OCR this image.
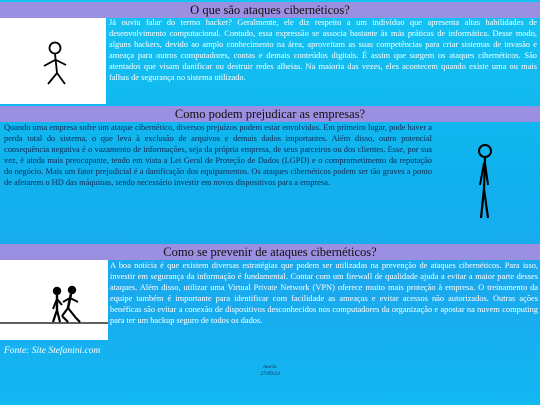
O que são ataques cibernéticos?

Já ouviu falar do termo hacker? Geralmente, ele diz respeito a um indivíduo que apresenta altas habilidades de desenvolvimento computacional. Contudo, essa expressão se associa bastante às más práticas de informática. Desse modo, alguns hackers, devido ao amplo conhecimento na área, aproveitam as suas competências para criar sistemas de invasão e ameaça para outros computadores, contas e demais conteúdos digitais. É assim que surgem os ataques cibernéticos. São atentados que visam danificar ou destruir redes alheias. Na maioria das vezes, eles acontecem quando existe uma ou mais falhas de segurança no sistema utilizado.

Como podem prejudicar as empresas?

Quando uma empresa sofre um ataque cibernético, diversos prejuízos podem estar envolvidos. Em primeiro lugar, pode haver a perda total do sistema, o que leva à exclusão de arquivos e demais dados importantes. Além disso, outro potencial consequência negativa é o vazamento de informações, seja da própria empresa, de seus parceiros ou dos clientes. Esse, por sua vez, é ainda mais preocupante, tendo em vista a Lei Geral de Proteção de Dados (LGPD) e o comprometimento da reputação do negócio. Mais um fator prejudicial é a danificação dos equipamentos. Os ataques cibernéticos podem ser tão graves a ponto de afetarem o HD das máquinas, sendo necessário investir em novos dispositivos para a empresa.

Como se prevenir de ataques cibernéticos?

A boa notícia é que existem diversas estratégias que podem ser utilizadas na prevenção de ataques cibernéticos. Para isso, investir em segurança da informação é fundamental. Contar com um firewall de qualidade ajuda a evitar a maior parte desses ataques. Além disso, utilizar uma Virtual Private Network (VPN) oferece muito mais proteção à empresa. O treinamento da equipe também é importante para identificar com facilidade as ameaças e evitar acessos não autorizados. Outras ações benéficas são evitar a conexão de dispositivos desconhecidos nos computadores da organização e apostar na nuvem computing para ter um backup seguro de todos os dados.

Fonte: Site Stefanini.com
mario
27/09/23
